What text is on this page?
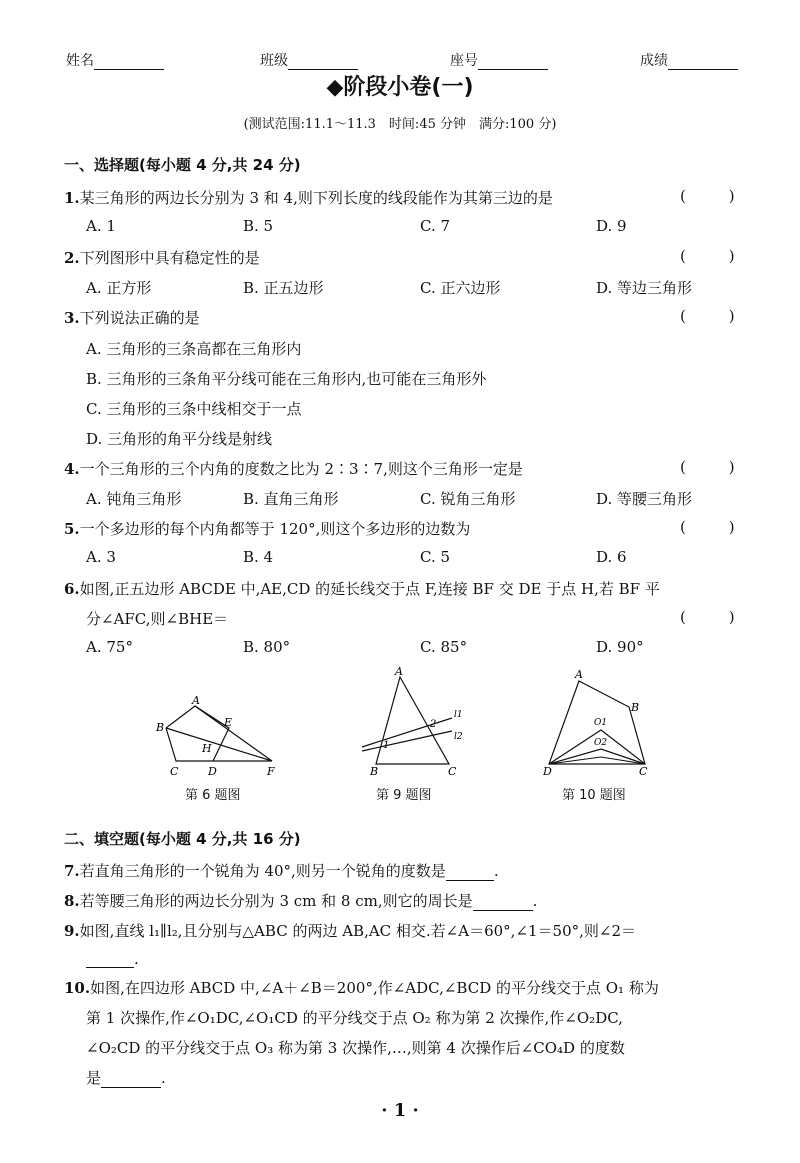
姓名	班级	座号	成绩
◆阶段小卷(一)
(测试范围:11.1～11.3　时间:45 分钟　满分:100 分)
一、选择题(每小题 4 分,共 24 分)
1.某三角形的两边长分别为 3 和 4,则下列长度的线段能作为其第三边的是
(          )
A. 1	B. 5	C. 7	D. 9
2.下列图形中具有稳定性的是
(          )
A. 正方形	B. 正五边形	C. 正六边形	D. 等边三角形
3.下列说法正确的是
(          )
A. 三角形的三条高都在三角形内
B. 三角形的三条角平分线可能在三角形内,也可能在三角形外
C. 三角形的三条中线相交于一点
D. 三角形的角平分线是射线
4.一个三角形的三个内角的度数之比为 2∶3∶7,则这个三角形一定是
(          )
A. 钝角三角形	B. 直角三角形	C. 锐角三角形	D. 等腰三角形
5.一个多边形的每个内角都等于 120°,则这个多边形的边数为
(          )
A. 3	B. 4	C. 5	D. 6
6.如图,正五边形 ABCDE 中,AE,CD 的延长线交于点 F,连接 BF 交 DE 于点 H,若 BF 平
分∠AFC,则∠BHE＝
(          )
A. 75°	B. 80°	C. 85°	D. 90°
A
B
C	D
E
H
F
第 6 题图
A
B	C
1
2
l1
l2
第 9 题图
A
B
C
D
O1
O2
第 10 题图
二、填空题(每小题 4 分,共 16 分)
7.若直角三角形的一个锐角为 40°,则另一个锐角的度数是	.
8.若等腰三角形的两边长分别为 3 cm 和 8 cm,则它的周长是	.
9.如图,直线 l₁∥l₂,且分别与△ABC 的两边 AB,AC 相交.若∠A＝60°,∠1＝50°,则∠2＝
.
10.如图,在四边形 ABCD 中,∠A＋∠B＝200°,作∠ADC,∠BCD 的平分线交于点 O₁ 称为
第 1 次操作,作∠O₁DC,∠O₁CD 的平分线交于点 O₂ 称为第 2 次操作,作∠O₂DC,
∠O₂CD 的平分线交于点 O₃ 称为第 3 次操作,…,则第 4 次操作后∠CO₄D 的度数
是	.
· 1 ·
